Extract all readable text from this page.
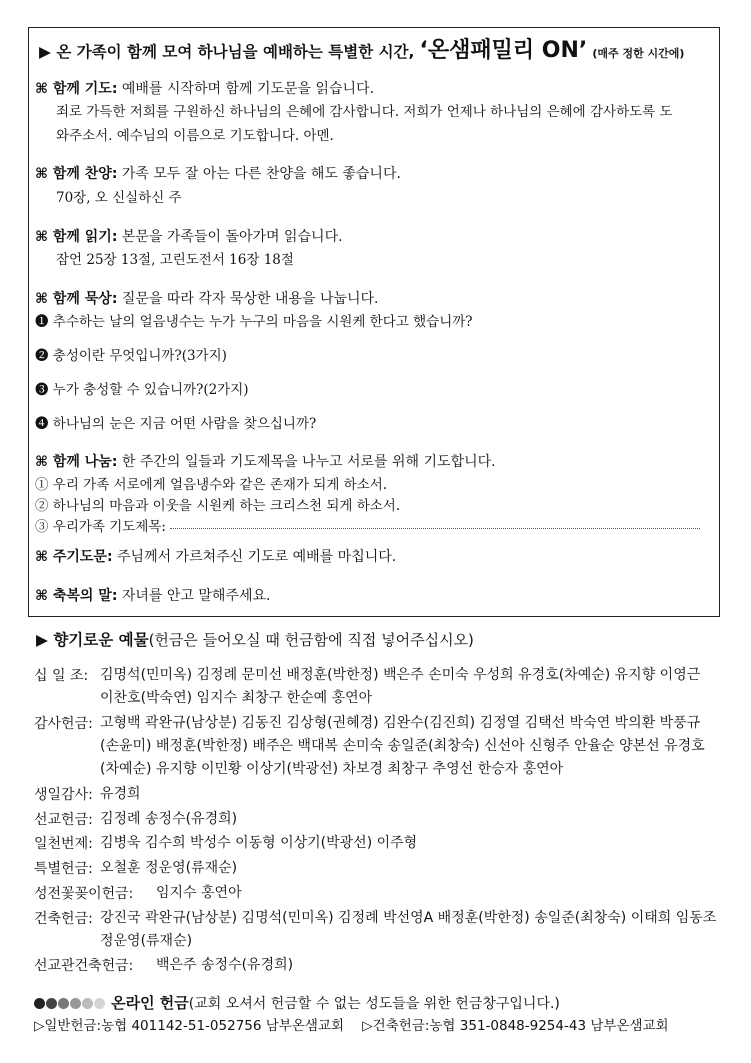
▶ 온 가족이 함께 모여 하나님을 예배하는 특별한 시간, ‘온샘패밀리 ON’ (매주 정한 시간에)
⌘ 함께 기도: 예배를 시작하며 함께 기도문을 읽습니다.
죄로 가득한 저희를 구원하신 하나님의 은혜에 감사합니다. 저희가 언제나 하나님의 은혜에 감사하도록 도
와주소서. 예수님의 이름으로 기도합니다. 아멘.
⌘ 함께 찬양: 가족 모두 잘 아는 다른 찬양을 해도 좋습니다.
70장, 오 신실하신 주
⌘ 함께 읽기: 본문을 가족들이 돌아가며 읽습니다.
잠언 25장 13절, 고린도전서 16장 18절
⌘ 함께 묵상: 질문을 따라 각자 묵상한 내용을 나눕니다.
❶ 추수하는 날의 얼음냉수는 누가 누구의 마음을 시원케 한다고 했습니까?
❷ 충성이란 무엇입니까?(3가지)
❸ 누가 충성할 수 있습니까?(2가지)
❹ 하나님의 눈은 지금 어떤 사람을 찾으십니까?
⌘ 함께 나눔: 한 주간의 일들과 기도제목을 나누고 서로를 위해 기도합니다.
① 우리 가족 서로에게 얼음냉수와 같은 존재가 되게 하소서.
② 하나님의 마음과 이웃을 시원케 하는 크리스천 되게 하소서.
③ 우리가족 기도제목:
⌘ 주기도문: 주님께서 가르쳐주신 기도로 예배를 마칩니다.
⌘ 축복의 말: 자녀를 안고 말해주세요.
▶ 향기로운 예물(헌금은 들어오실 때 헌금함에 직접 넣어주십시오)
십 일 조: 김명석(민미옥) 김정례 문미선 배정훈(박한정) 백은주 손미숙 우성희 유경호(차예순) 유지향 이영근
이찬호(박숙연) 임지수 최창구 한순예 홍연아
감사헌금: 고형백 곽완규(남상분) 김동진 김상형(권혜경) 김완수(김진희) 김정열 김택선 박숙연 박의환 박풍규
(손윤미) 배정훈(박한정) 배주은 백대복 손미숙 송일준(최창숙) 신선아 신형주 안율순 양본선 유경호
(차예순) 유지향 이민황 이상기(박광선) 차보경 최창구 추영선 한승자 홍연아
생일감사: 유경희
선교헌금: 김정례 송정수(유경희)
일천번제: 김병욱 김수희 박성수 이동형 이상기(박광선) 이주형
특별헌금: 오철훈 정운영(류재순)
성전꽃꽂이헌금: 임지수 홍연아
건축헌금: 강진국 곽완규(남상분) 김명석(민미옥) 김정례 박선영A 배정훈(박한정) 송일준(최창숙) 이태희 임동조
정운영(류재순)
선교관건축헌금: 백은주 송정수(유경희)
온라인 헌금(교회 오셔서 헌금할 수 없는 성도들을 위한 헌금창구입니다.)
▷일반헌금:농협 401142-51-052756 남부온샘교회 ▷건축헌금:농협 351-0848-9254-43 남부온샘교회
